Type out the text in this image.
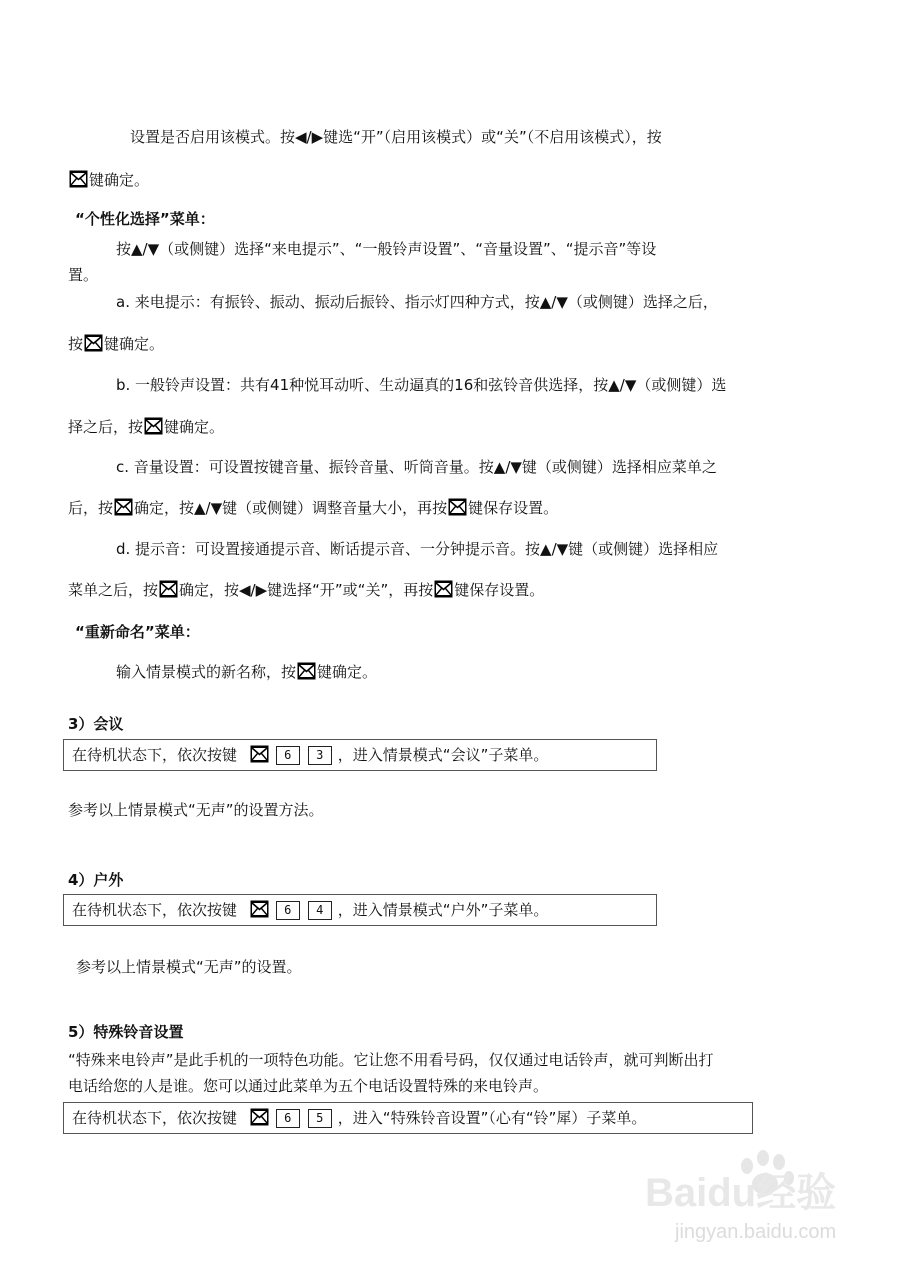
设置是否启用该模式。按◀/▶键选“开”（启用该模式）或“关”（不启用该模式），按
键确定。
“个性化选择”菜单：
按▲/▼（或侧键）选择“来电提示”、“一般铃声设置”、“音量设置”、“提示音”等设
置。
a. 来电提示：有振铃、振动、振动后振铃、指示灯四种方式，按▲/▼（或侧键）选择之后，
按 键确定。
b. 一般铃声设置：共有41种悦耳动听、生动逼真的16和弦铃音供选择，按▲/▼（或侧键）选
择之后，按 键确定。
c. 音量设置：可设置按键音量、振铃音量、听筒音量。按▲/▼键（或侧键）选择相应菜单之
后，按 确定，按▲/▼键（或侧键）调整音量大小，再按 键保存设置。
d. 提示音：可设置接通提示音、断话提示音、一分钟提示音。按▲/▼键（或侧键）选择相应
菜单之后，按 确定，按◀/▶键选择“开”或“关”，再按 键保存设置。
“重新命名”菜单：
输入情景模式的新名称，按 键确定。
3）会议
在待机状态下，依次按键	6 3 ，进入情景模式“会议”子菜单。
参考以上情景模式“无声”的设置方法。
4）户外
在待机状态下，依次按键	6 4 ，进入情景模式“户外”子菜单。
参考以上情景模式“无声”的设置。
5）特殊铃音设置
“特殊来电铃声”是此手机的一项特色功能。它让您不用看号码，仅仅通过电话铃声，就可判断出打
电话给您的人是谁。您可以通过此菜单为五个电话设置特殊的来电铃声。
在待机状态下，依次按键	6 5 ，进入“特殊铃音设置”（心有“铃”犀）子菜单。
Baidu经验
jingyan.baidu.com
